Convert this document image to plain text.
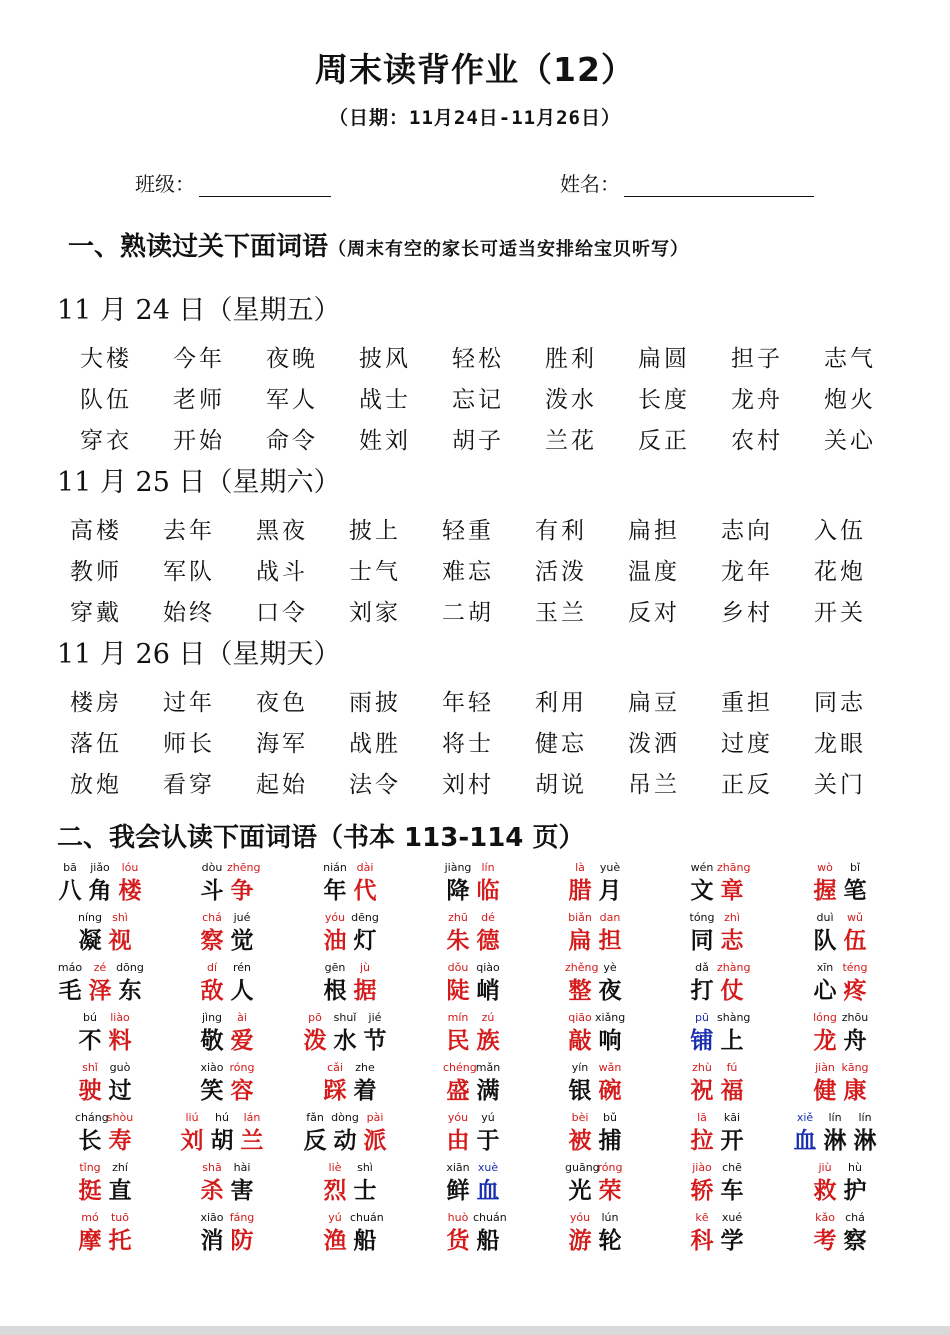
周末读背作业（12）
（日期：11月24日-11月26日）
班级：	姓名：
一、熟读过关下面词语（周末有空的家长可适当安排给宝贝听写）
11 月 24 日（星期五）
大楼 今年 夜晚 披风 轻松 胜利 扁圆 担子 志气
队伍 老师 军人 战士 忘记 泼水 长度 龙舟 炮火
穿衣 开始 命令 姓刘 胡子 兰花 反正 农村 关心
11 月 25 日（星期六）
高楼 去年 黑夜 披上 轻重 有利 扁担 志向 入伍
教师 军队 战斗 士气 难忘 活泼 温度 龙年 花炮
穿戴 始终 口令 刘家 二胡 玉兰 反对 乡村 开关
11 月 26 日（星期天）
楼房 过年 夜色 雨披 年轻 利用 扁豆 重担 同志
落伍 师长 海军 战胜 将士 健忘 泼洒 过度 龙眼
放炮 看穿 起始 法令 刘村 胡说 吊兰 正反 关门
二、我会认读下面词语（书本 113-114 页）
bā
八
jiǎo
角
lóu
楼
dòu
斗
zhēng
争
nián
年
dài
代
jiàng
降
lín
临
là
腊
yuè
月
wén
文
zhāng
章
wò
握
bǐ
笔
níng
凝
shì
视
chá
察
jué
觉
yóu
油
dēng
灯
zhū
朱
dé
德
biǎn
扁
dan
担
tóng
同
zhì
志
duì
队
wǔ
伍
máo
毛
zé
泽
dōng
东
dí
敌
rén
人
gēn
根
jù
据
dǒu
陡
qiào
峭
zhěng
整
yè
夜
dǎ
打
zhàng
仗
xīn
心
téng
疼
bú
不
liào
料
jìng
敬
ài
爱
pō
泼
shuǐ
水
jié
节
mín
民
zú
族
qiāo
敲
xiǎng
响
pū
铺
shàng
上
lóng
龙
zhōu
舟
shǐ
驶
guò
过
xiào
笑
róng
容
cǎi
踩
zhe
着
chéng
盛
mǎn
满
yín
银
wǎn
碗
zhù
祝
fú
福
jiàn
健
kāng
康
cháng
长
shòu
寿
liú
刘
hú
胡
lán
兰
fǎn
反
dòng
动
pài
派
yóu
由
yú
于
bèi
被
bǔ
捕
lā
拉
kāi
开
xiě
血
lín
淋
lín
淋
tǐng
挺
zhí
直
shā
杀
hài
害
liè
烈
shì
士
xiān
鲜
xuè
血
guāng
光
róng
荣
jiào
轿
chē
车
jiù
救
hù
护
mó
摩
tuō
托
xiāo
消
fáng
防
yú
渔
chuán
船
huò
货
chuán
船
yóu
游
lún
轮
kē
科
xué
学
kǎo
考
chá
察
